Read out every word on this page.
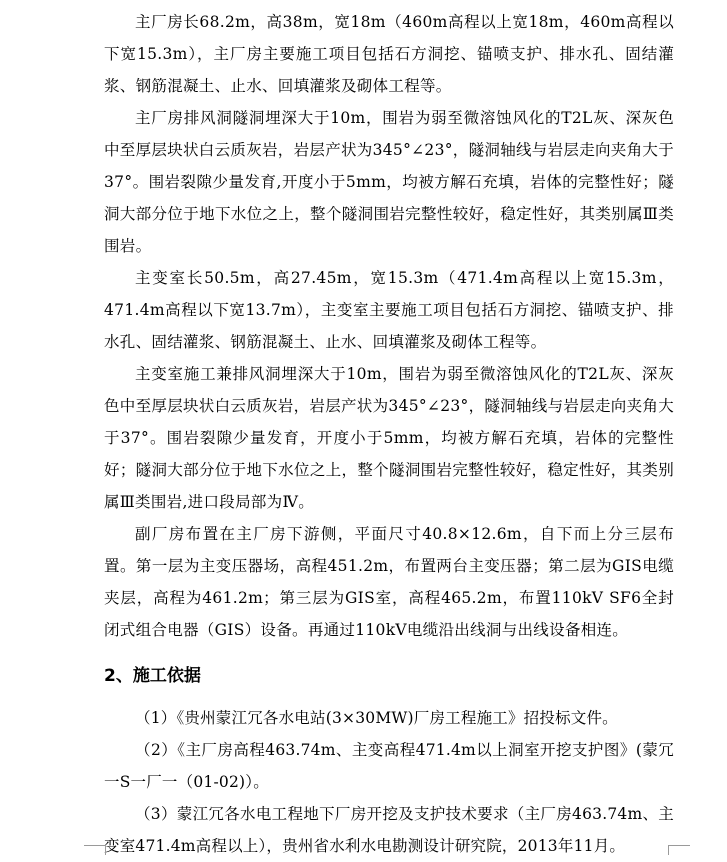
主厂房长68.2m，高38m，宽18m（460m高程以上宽18m，460m高程以下宽15.3m），主厂房主要施工项目包括石方洞挖、锚喷支护、排水孔、固结灌浆、钢筋混凝土、止水、回填灌浆及砌体工程等。

主厂房排风洞隧洞埋深大于10m，围岩为弱至微溶蚀风化的T2L灰、深灰色中至厚层块状白云质灰岩，岩层产状为345°∠23°，隧洞轴线与岩层走向夹角大于37°。围岩裂隙少量发育,开度小于5mm，均被方解石充填，岩体的完整性好；隧洞大部分位于地下水位之上，整个隧洞围岩完整性较好，稳定性好，其类别属Ⅲ类围岩。

主变室长50.5m，高27.45m，宽15.3m（471.4m高程以上宽15.3m，471.4m高程以下宽13.7m），主变室主要施工项目包括石方洞挖、锚喷支护、排水孔、固结灌浆、钢筋混凝土、止水、回填灌浆及砌体工程等。

主变室施工兼排风洞埋深大于10m，围岩为弱至微溶蚀风化的T2L灰、深灰色中至厚层块状白云质灰岩，岩层产状为345°∠23°，隧洞轴线与岩层走向夹角大于37°。围岩裂隙少量发育，开度小于5mm，均被方解石充填，岩体的完整性好；隧洞大部分位于地下水位之上，整个隧洞围岩完整性较好，稳定性好，其类别属Ⅲ类围岩,进口段局部为Ⅳ。

副厂房布置在主厂房下游侧，平面尺寸40.8×12.6m，自下而上分三层布置。第一层为主变压器场，高程451.2m，布置两台主变压器；第二层为GIS电缆夹层，高程为461.2m；第三层为GIS室，高程465.2m，布置110kV SF6全封闭式组合电器（GIS）设备。再通过110kV电缆沿出线洞与出线设备相连。

2、施工依据

（1）《贵州蒙江冗各水电站(3×30MW)厂房工程施工》招投标文件。

（2）《主厂房高程463.74m、主变高程471.4m以上洞室开挖支护图》(蒙冗一S一厂一（01-02)）。

（3）蒙江冗各水电工程地下厂房开挖及支护技术要求（主厂房463.74m、主变室471.4m高程以上），贵州省水利水电勘测设计研究院，2013年11月。
